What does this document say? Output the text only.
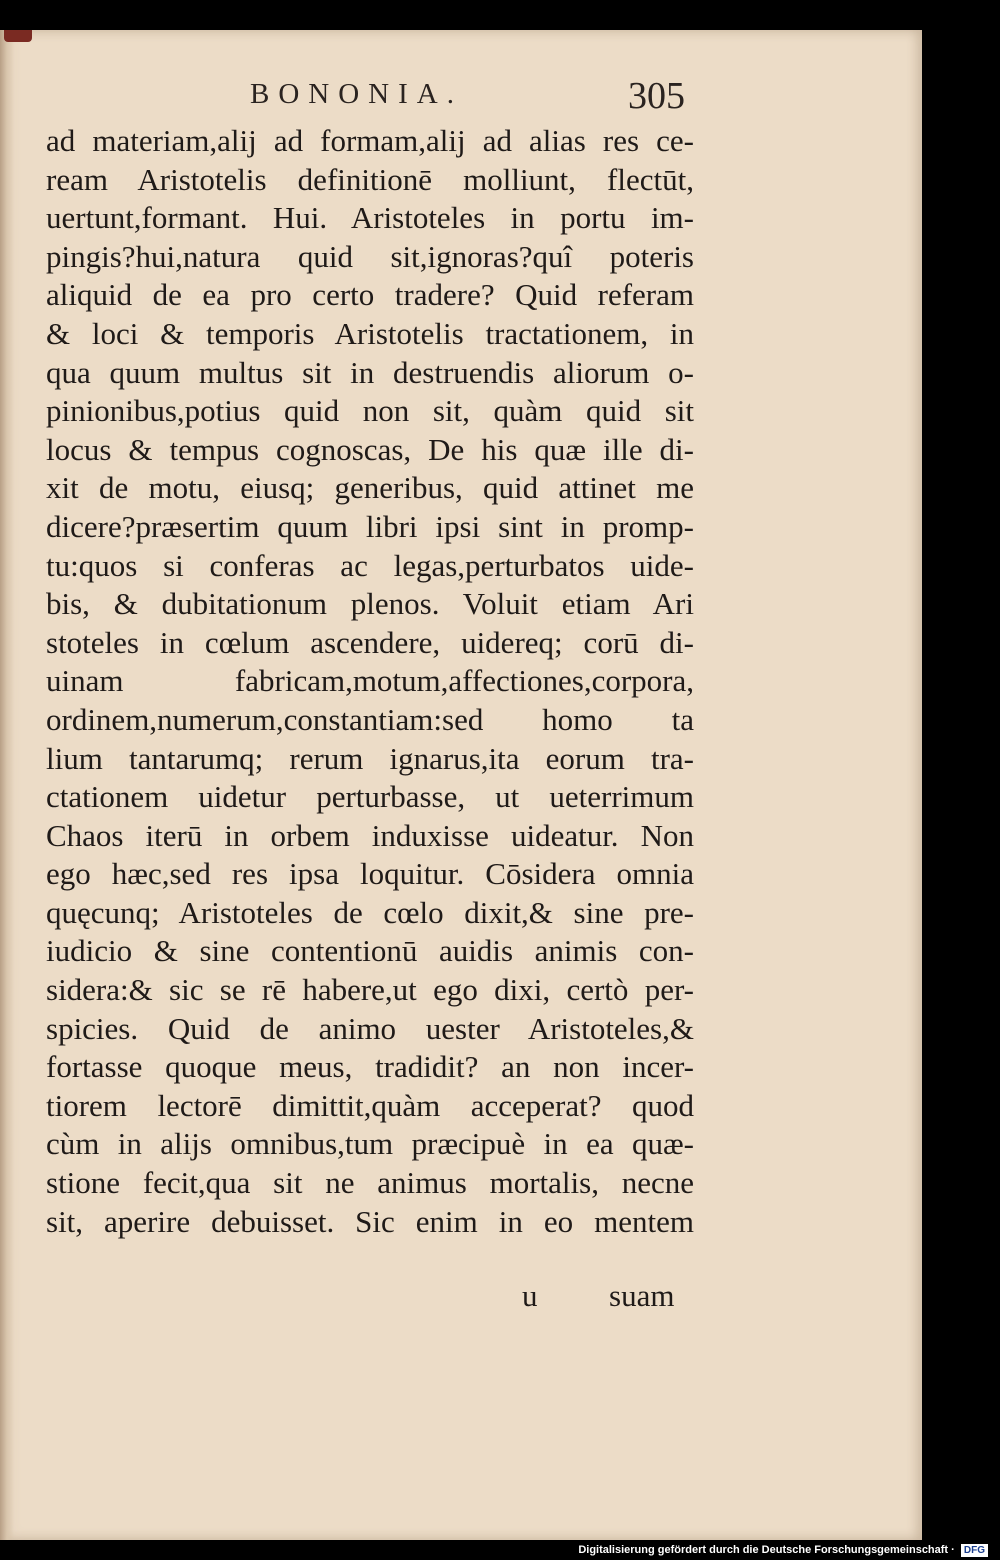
BONONIA.	305
ad materiam,alij ad formam,alij ad alias res ce-
ream Aristotelis definitionē molliunt, flectūt,
uertunt,formant. Hui. Aristoteles in portu im-
pingis?hui,natura quid sit,ignoras?quî poteris
aliquid de ea pro certo tradere? Quid referam
& loci & temporis Aristotelis tractationem, in
qua quum multus sit in destruendis aliorum o-
pinionibus,potius quid non sit, quàm quid sit
locus & tempus cognoscas, De his quæ ille di-
xit de motu, eiusq; generibus, quid attinet me
dicere?præsertim quum libri ipsi sint in promp-
tu:quos si conferas ac legas,perturbatos uide-
bis, & dubitationum plenos. Voluit etiam Ari
stoteles in cœlum ascendere, uidereq; corū di-
uinam fabricam,motum,affectiones,corpora,
ordinem,numerum,constantiam:sed homo ta
lium tantarumq; rerum ignarus,ita eorum tra-
ctationem uidetur perturbasse, ut ueterrimum
Chaos iterū in orbem induxisse uideatur. Non
ego hæc,sed res ipsa loquitur. Cōsidera omnia
quęcunq; Aristoteles de cœlo dixit,& sine pre-
iudicio & sine contentionū auidis animis con-
sidera:& sic se rē habere,ut ego dixi, certò per-
spicies. Quid de animo uester Aristoteles,&
fortasse quoque meus, tradidit? an non incer-
tiorem lectorē dimittit,quàm acceperat? quod
cùm in alijs omnibus,tum præcipuè in ea quæ-
stione fecit,qua sit ne animus mortalis, necne
sit, aperire debuisset. Sic enim in eo mentem
u suam
Digitalisierung gefördert durch die Deutsche Forschungsgemeinschaft · DFG
